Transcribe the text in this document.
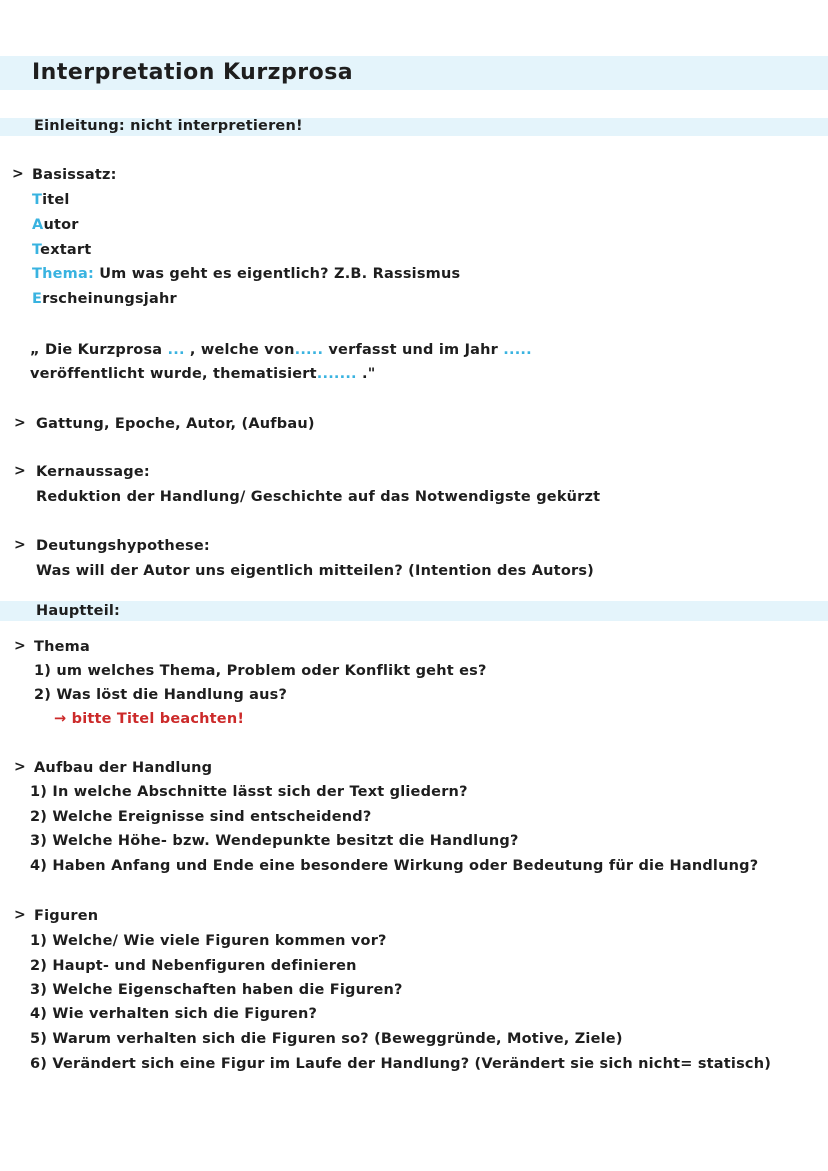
Interpretation Kurzprosa
Einleitung: nicht interpretieren!
> Basissatz:
Titel
Autor
Textart
Thema: Um was geht es eigentlich? Z.B. Rassismus
Erscheinungsjahr
„ Die Kurzprosa ... , welche von..... verfasst und im Jahr .....
veröffentlicht wurde, thematisiert....... ."
> Gattung, Epoche, Autor, (Aufbau)
> Kernaussage:
Reduktion der Handlung/ Geschichte auf das Notwendigste gekürzt
> Deutungshypothese:
Was will der Autor uns eigentlich mitteilen? (Intention des Autors)
Hauptteil:
> Thema
1) um welches Thema, Problem oder Konflikt geht es?
2) Was löst die Handlung aus?
→ bitte Titel beachten!
> Aufbau der Handlung
1) In welche Abschnitte lässt sich der Text gliedern?
2) Welche Ereignisse sind entscheidend?
3) Welche Höhe- bzw. Wendepunkte besitzt die Handlung?
4) Haben Anfang und Ende eine besondere Wirkung oder Bedeutung für die Handlung?
> Figuren
1) Welche/ Wie viele Figuren kommen vor?
2) Haupt- und Nebenfiguren definieren
3) Welche Eigenschaften haben die Figuren?
4) Wie verhalten sich die Figuren?
5) Warum verhalten sich die Figuren so? (Beweggründe, Motive, Ziele)
6) Verändert sich eine Figur im Laufe der Handlung? (Verändert sie sich nicht= statisch)
